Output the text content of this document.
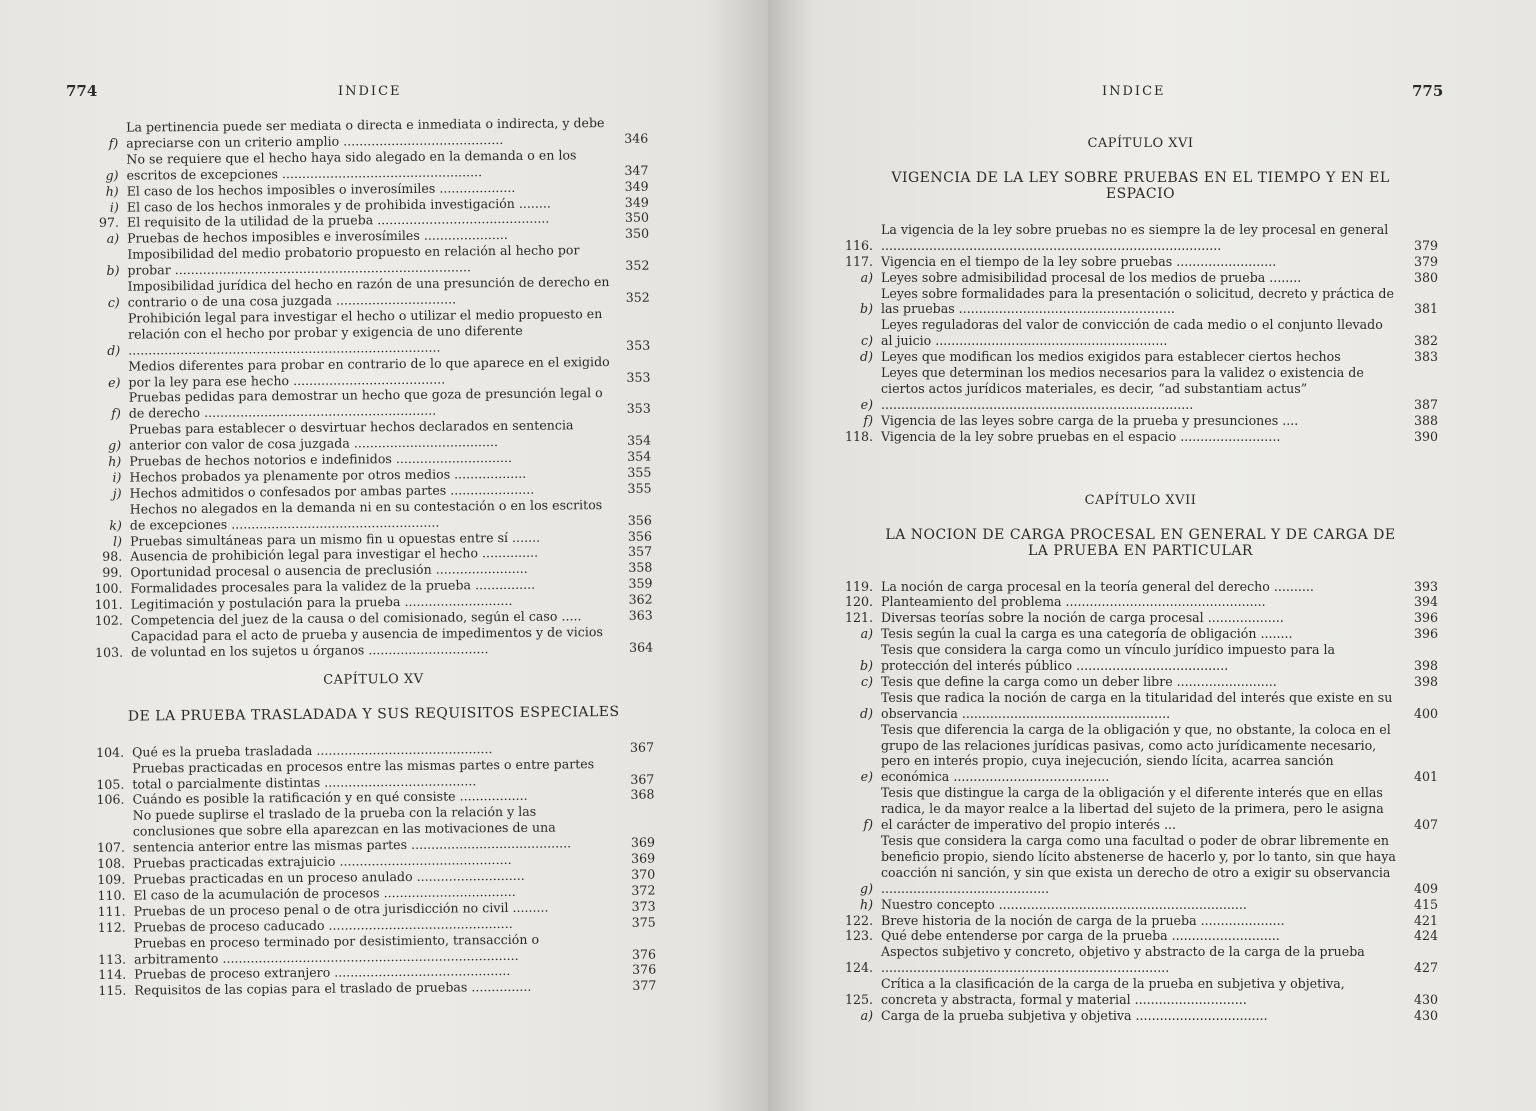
774	INDICE
f)
La pertinencia puede ser mediata o directa e inmediata o indirecta, y debe apreciarse con un criterio amplio ........................................	346
g)
No se requiere que el hecho haya sido alegado en la demanda o en los escritos de excepciones ..................................................	347
h) El caso de los hechos imposibles o inverosímiles ...................	349
i) El caso de los hechos inmorales y de prohibida investigación ........	349
97. El requisito de la utilidad de la prueba ...........................................	350
a) Pruebas de hechos imposibles e inverosímiles .....................	350
b)
Imposibilidad del medio probatorio propuesto en relación al hecho por probar ..........................................................................	352
c)
Imposibilidad jurídica del hecho en razón de una presunción de derecho en contrario o de una cosa juzgada ..............................	352
d)
Prohibición legal para investigar el hecho o utilizar el medio propuesto en relación con el hecho por probar y exigencia de uno diferente ..............................................................................	353
e)
Medios diferentes para probar en contrario de lo que aparece en el exigido por la ley para ese hecho ......................................	353
f)
Pruebas pedidas para demostrar un hecho que goza de presunción legal o de derecho ..........................................................	353
g)
Pruebas para establecer o desvirtuar hechos declarados en sentencia anterior con valor de cosa juzgada ....................................	354
h) Pruebas de hechos notorios e indefinidos .............................	354
i) Hechos probados ya plenamente por otros medios ..................	355
j) Hechos admitidos o confesados por ambas partes .....................	355
k)
Hechos no alegados en la demanda ni en su contestación o en los escritos de excepciones ....................................................	356
l) Pruebas simultáneas para un mismo fin u opuestas entre sí .......	356
98. Ausencia de prohibición legal para investigar el hecho ..............	357
99. Oportunidad procesal o ausencia de preclusión .......................	358
100. Formalidades procesales para la validez de la prueba ...............	359
101. Legitimación y postulación para la prueba ...........................	362
102. Competencia del juez de la causa o del comisionado, según el caso .....	363
103.
Capacidad para el acto de prueba y ausencia de impedimentos y de vicios de voluntad en los sujetos u órganos ..............................	364
CAPÍTULO XV
DE LA PRUEBA TRASLADADA Y SUS REQUISITOS ESPECIALES
104. Qué es la prueba trasladada ............................................	367
105.
Pruebas practicadas en procesos entre las mismas partes o entre partes total o parcialmente distintas ......................................	367
106. Cuándo es posible la ratificación y en qué consiste .................	368
107.
No puede suplirse el traslado de la prueba con la relación y las conclusiones que sobre ella aparezcan en las motivaciones de una sentencia anterior entre las mismas partes ........................................	369
108. Pruebas practicadas extrajuicio ...........................................	369
109. Pruebas practicadas en un proceso anulado ...........................	370
110. El caso de la acumulación de procesos .................................	372
111. Pruebas de un proceso penal o de otra jurisdicción no civil .........	373
112. Pruebas de proceso caducado ..............................................	375
113.
Pruebas en proceso terminado por desistimiento, transacción o arbitramento ..........................................................................	376
114. Pruebas de proceso extranjero ............................................	376
115. Requisitos de las copias para el traslado de pruebas ...............	377
INDICE	775
CAPÍTULO XVI
VIGENCIA DE LA LEY SOBRE PRUEBAS EN EL TIEMPO Y EN EL ESPACIO
116.
La vigencia de la ley sobre pruebas no es siempre la de ley procesal en general .....................................................................................	379
117. Vigencia en el tiempo de la ley sobre pruebas .........................	379
a) Leyes sobre admisibilidad procesal de los medios de prueba ........	380
b)
Leyes sobre formalidades para la presentación o solicitud, decreto y práctica de las pruebas ......................................................	381
c)
Leyes reguladoras del valor de convicción de cada medio o el conjunto llevado al juicio ..........................................................	382
d) Leyes que modifican los medios exigidos para establecer ciertos hechos	383
e)
Leyes que determinan los medios necesarios para la validez o existencia de ciertos actos jurídicos materiales, es decir, “ad substantiam actus” ..............................................................................	387
f) Vigencia de las leyes sobre carga de la prueba y presunciones ....	388
118. Vigencia de la ley sobre pruebas en el espacio .........................	390
CAPÍTULO XVII
LA NOCION DE CARGA PROCESAL EN GENERAL Y DE CARGA DE LA PRUEBA EN PARTICULAR
119. La noción de carga procesal en la teoría general del derecho ..........	393
120. Planteamiento del problema ..................................................	394
121. Diversas teorías sobre la noción de carga procesal ...................	396
a) Tesis según la cual la carga es una categoría de obligación ........	396
b)
Tesis que considera la carga como un vínculo jurídico impuesto para la protección del interés público ......................................	398
c) Tesis que define la carga como un deber libre .........................	398
d)
Tesis que radica la noción de carga en la titularidad del interés que existe en su observancia ....................................................	400
e)
Tesis que diferencia la carga de la obligación y que, no obstante, la coloca en el grupo de las relaciones jurídicas pasivas, como acto jurídicamente necesario, pero en interés propio, cuya inejecución, siendo lícita, acarrea sanción económica .......................................	401
f)
Tesis que distingue la carga de la obligación y el diferente interés que en ellas radica, le da mayor realce a la libertad del sujeto de la primera, pero le asigna el carácter de imperativo del propio interés ...	407
g)
Tesis que considera la carga como una facultad o poder de obrar libremente en beneficio propio, siendo lícito abstenerse de hacerlo y, por lo tanto, sin que haya coacción ni sanción, y sin que exista un derecho de otro a exigir su observancia ..........................................	409
h) Nuestro concepto ..............................................................	415
122. Breve historia de la noción de carga de la prueba .....................	421
123. Qué debe entenderse por carga de la prueba ...........................	424
124.
Aspectos subjetivo y concreto, objetivo y abstracto de la carga de la prueba ........................................................................	427
125.
Crítica a la clasificación de la carga de la prueba en subjetiva y objetiva, concreta y abstracta, formal y material ............................	430
a) Carga de la prueba subjetiva y objetiva .................................	430
